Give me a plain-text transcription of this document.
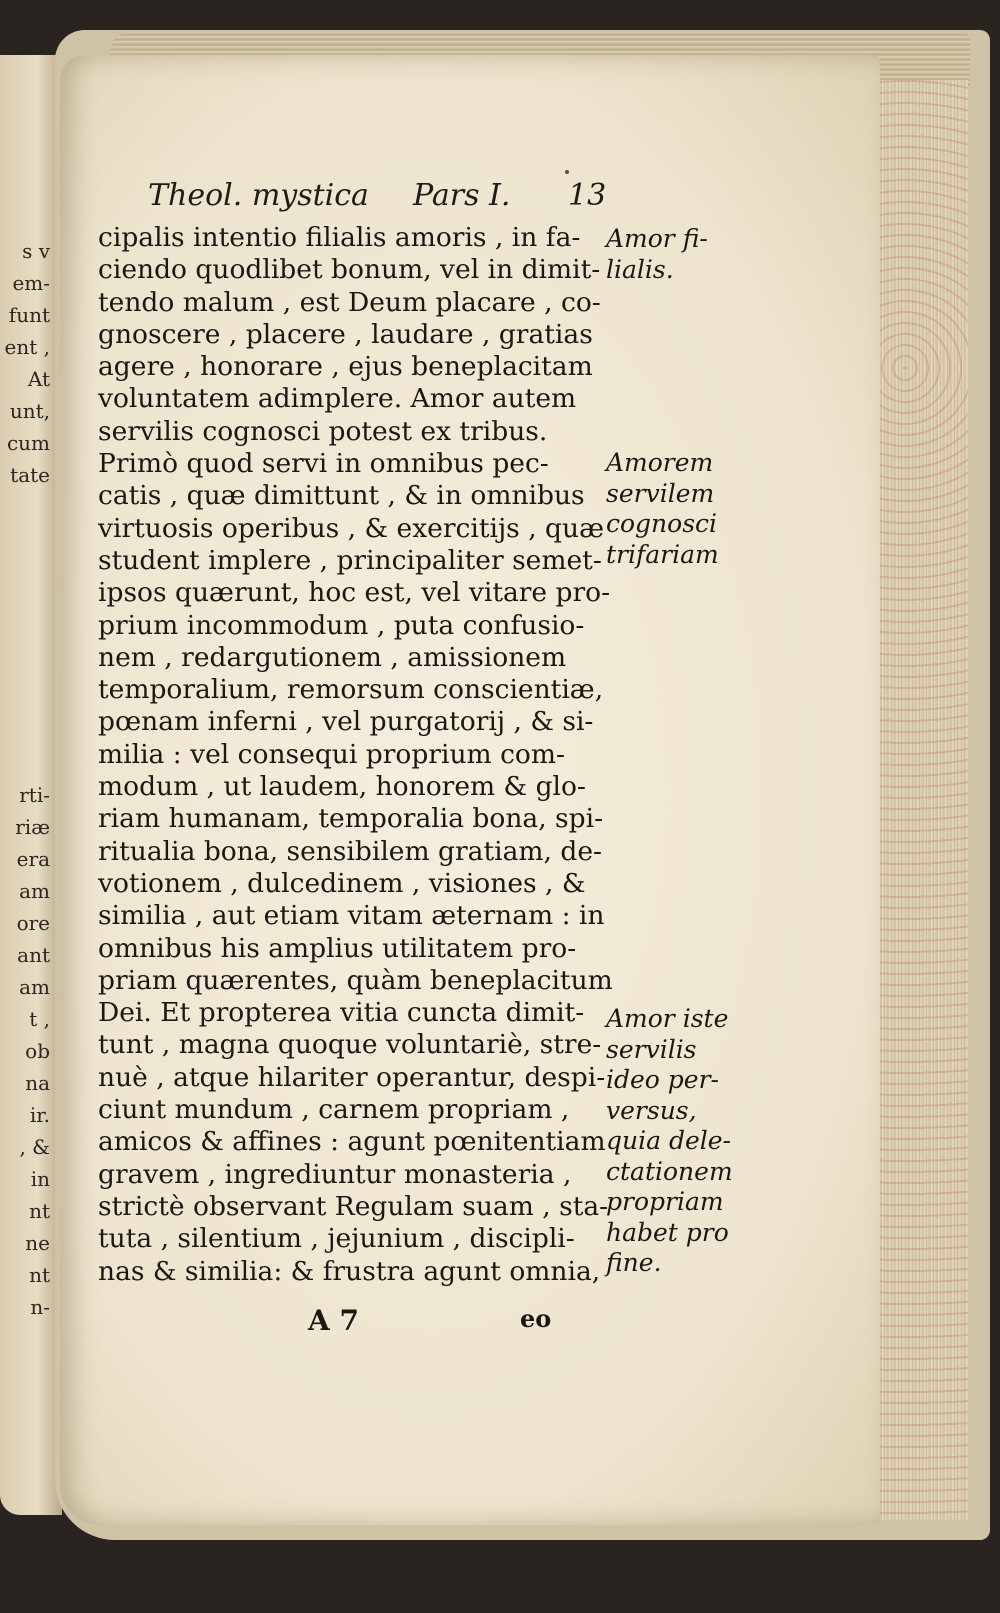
s v
em-
funt
ent ,
At
unt,
cum
tate
rti-
riæ
era
am
ore
ant
am
t ,
ob
na
ir.
, &
in
nt
ne
nt
n-
Theol. mystica Pars I. 13
cipalis intentio filialis amoris , in fa-
ciendo quodlibet bonum, vel in dimit-
tendo malum , est Deum placare , co-
gnoscere , placere , laudare , gratias
agere , honorare , ejus beneplacitam
voluntatem adimplere. Amor autem
servilis cognosci potest ex tribus.
Primò quod servi in omnibus pec-
catis , quæ dimittunt , & in omnibus
virtuosis operibus , & exercitijs , quæ
student implere , principaliter semet-
ipsos quærunt, hoc est, vel vitare pro-
prium incommodum , puta confusio-
nem , redargutionem , amissionem
temporalium, remorsum conscientiæ,
pœnam inferni , vel purgatorij , & si-
milia : vel consequi proprium com-
modum , ut laudem, honorem & glo-
riam humanam, temporalia bona, spi-
ritualia bona, sensibilem gratiam, de-
votionem , dulcedinem , visiones , &
similia , aut etiam vitam æternam : in
omnibus his amplius utilitatem pro-
priam quærentes, quàm beneplacitum
Dei. Et propterea vitia cuncta dimit-
tunt , magna quoque voluntariè, stre-
nuè , atque hilariter operantur, despi-
ciunt mundum , carnem propriam ,
amicos & affines : agunt pœnitentiam
gravem , ingrediuntur monasteria ,
strictè observant Regulam suam , sta-
tuta , silentium , jejunium , discipli-
nas & similia: & frustra agunt omnia,
Amor fi-
lialis.
Amorem
servilem
cognosci
trifariam
Amor iste
servilis
ideo per-
versus,
quia dele-
ctationem
propriam
habet pro
fine.
A 7	eo
